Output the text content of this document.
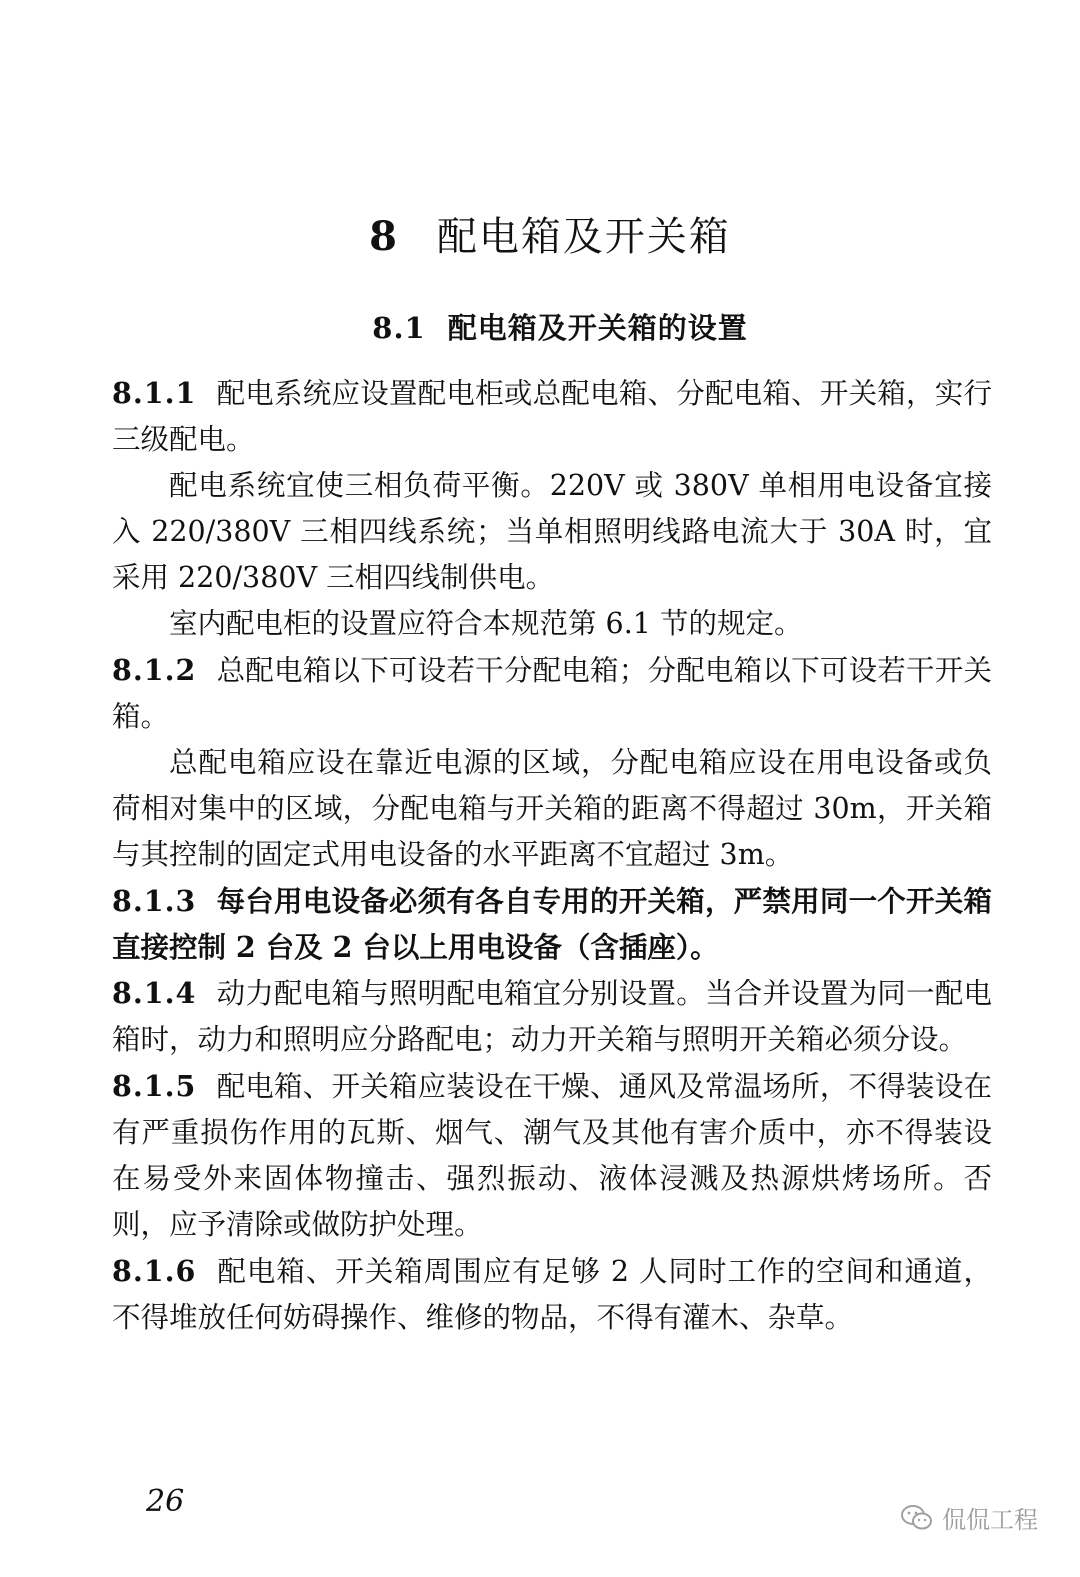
8 配电箱及开关箱
8.1 配电箱及开关箱的设置

8.1.1 配电系统应设置配电柜或总配电箱、分配电箱、开关箱，实行三级配电。

配电系统宜使三相负荷平衡。220V 或 380V 单相用电设备宜接入 220/380V 三相四线系统；当单相照明线路电流大于 30A 时，宜采用 220/380V 三相四线制供电。

室内配电柜的设置应符合本规范第 6.1 节的规定。

8.1.2 总配电箱以下可设若干分配电箱；分配电箱以下可设若干开关箱。

总配电箱应设在靠近电源的区域，分配电箱应设在用电设备或负荷相对集中的区域，分配电箱与开关箱的距离不得超过 30m，开关箱与其控制的固定式用电设备的水平距离不宜超过 3m。

8.1.3 每台用电设备必须有各自专用的开关箱，严禁用同一个开关箱直接控制 2 台及 2 台以上用电设备（含插座）。

8.1.4 动力配电箱与照明配电箱宜分别设置。当合并设置为同一配电箱时，动力和照明应分路配电；动力开关箱与照明开关箱必须分设。

8.1.5 配电箱、开关箱应装设在干燥、通风及常温场所，不得装设在有严重损伤作用的瓦斯、烟气、潮气及其他有害介质中，亦不得装设在易受外来固体物撞击、强烈振动、液体浸溅及热源烘烤场所。否则，应予清除或做防护处理。

8.1.6 配电箱、开关箱周围应有足够 2 人同时工作的空间和通道，不得堆放任何妨碍操作、维修的物品，不得有灌木、杂草。

26
侃侃工程
